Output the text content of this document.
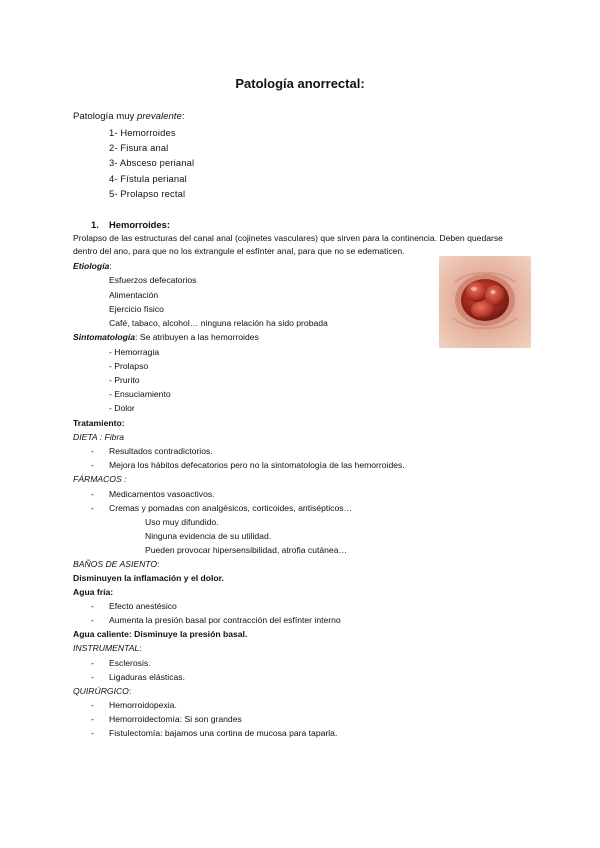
Patología anorrectal:
Patología muy prevalente:
1- Hemorroides
2- Fisura anal
3- Absceso perianal
4- Fístula perianal
5- Prolapso rectal
1. Hemorroides:
Prolapso de las estructuras del canal anal (cojinetes vasculares) que sirven para la continencia. Deben quedarse
dentro del ano, para que no los extrangule el esfínter anal, para que no se edematicen.
Etiología:
Esfuerzos defecatorios
Alimentación
Ejercicio físico
Café, tabaco, alcohol… ninguna relación ha sido probada
Sintomatología: Se atribuyen a las hemorroides
- Hemorragia
- Prolapso
- Prurito
- Ensuciamiento
- Dolor
Tratamiento:
DIETA : Fibra
- Resultados contradictorios.
- Mejora los hábitos defecatorios pero no la sintomatología de las hemorroides.
FÁRMACOS :
- Medicamentos vasoactivos.
- Cremas y pomadas con analgésicos, corticoides, antisépticos…
Uso muy difundido.
Ninguna evidencia de su utilidad.
Pueden provocar hipersensibilidad, atrofia cutánea…
BAÑOS DE ASIENTO:
Disminuyen la inflamación y el dolor.
Agua fría:
- Efecto anestésico
- Aumenta la presión basal por contracción del esfínter interno
Agua caliente: Disminuye la presión basal.
INSTRUMENTAL:
- Esclerosis.
- Ligaduras elásticas.
QUIRÚRGICO:
- Hemorroidopexia.
- Hemorroidectomía: Si son grandes
- Fistulectomía: bajamos una cortina de mucosa para taparla.
